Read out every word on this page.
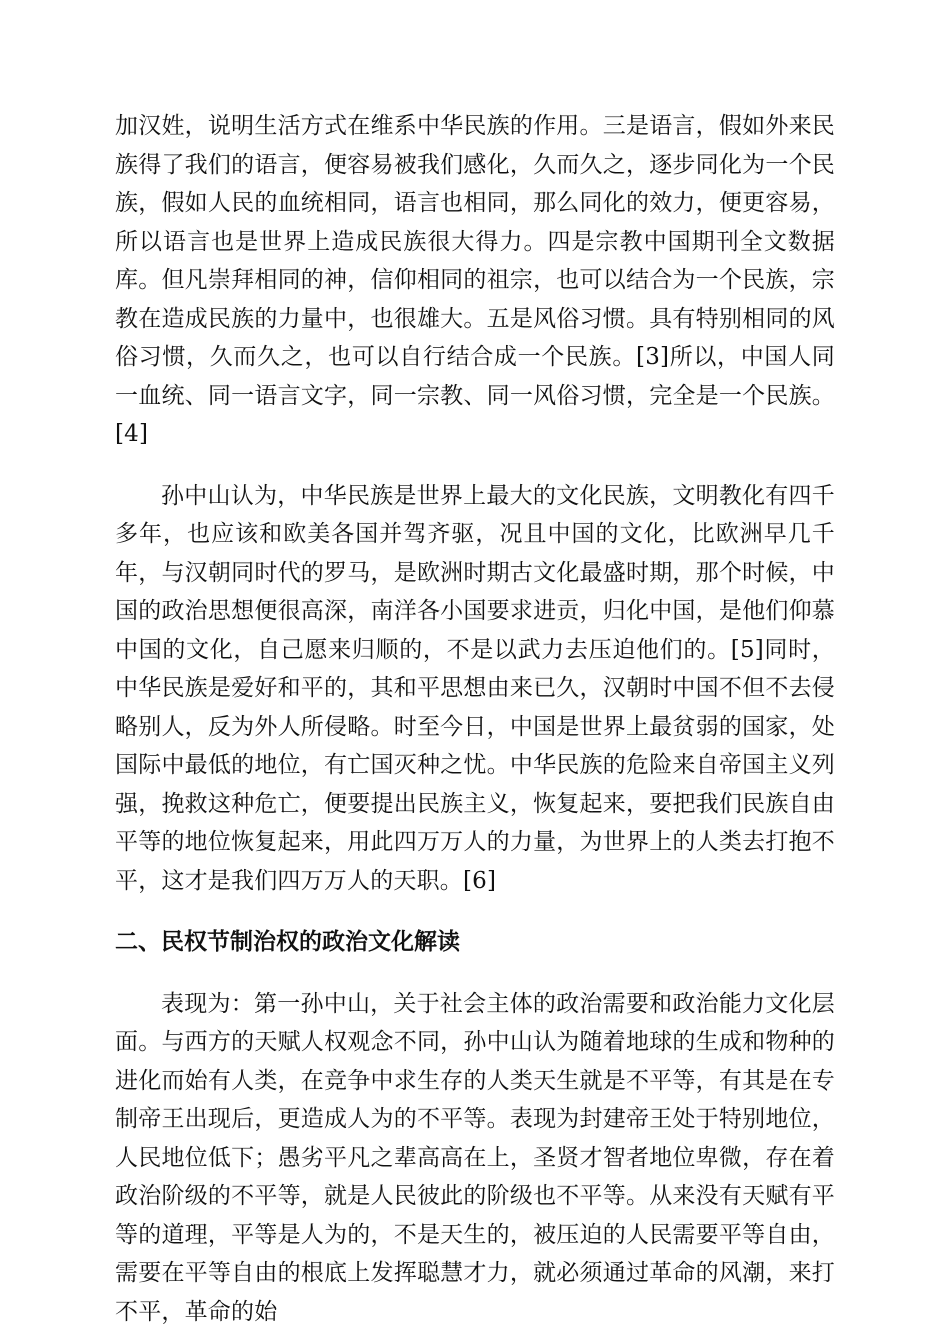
加汉姓，说明生活方式在维系中华民族的作用。三是语言，假如外来民族得了我们的语言，便容易被我们感化，久而久之，逐步同化为一个民族，假如人民的血统相同，语言也相同，那么同化的效力，便更容易，所以语言也是世界上造成民族很大得力。四是宗教中国期刊全文数据库。但凡崇拜相同的神，信仰相同的祖宗，也可以结合为一个民族，宗教在造成民族的力量中，也很雄大。五是风俗习惯。具有特别相同的风俗习惯，久而久之，也可以自行结合成一个民族。[3]所以，中国人同一血统、同一语言文字，同一宗教、同一风俗习惯，完全是一个民族。[4]

孙中山认为，中华民族是世界上最大的文化民族，文明教化有四千多年，也应该和欧美各国并驾齐驱，况且中国的文化，比欧洲早几千年，与汉朝同时代的罗马，是欧洲时期古文化最盛时期，那个时候，中国的政治思想便很高深，南洋各小国要求进贡，归化中国，是他们仰慕中国的文化，自己愿来归顺的，不是以武力去压迫他们的。[5]同时，中华民族是爱好和平的，其和平思想由来已久，汉朝时中国不但不去侵略别人，反为外人所侵略。时至今日，中国是世界上最贫弱的国家，处国际中最低的地位，有亡国灭种之忧。中华民族的危险来自帝国主义列强，挽救这种危亡，便要提出民族主义，恢复起来，要把我们民族自由平等的地位恢复起来，用此四万万人的力量，为世界上的人类去打抱不平，这才是我们四万万人的天职。[6]

二、民权节制治权的政治文化解读

表现为：第一孙中山，关于社会主体的政治需要和政治能力文化层面。与西方的天赋人权观念不同，孙中山认为随着地球的生成和物种的进化而始有人类，在竞争中求生存的人类天生就是不平等，有其是在专制帝王出现后，更造成人为的不平等。表现为封建帝王处于特别地位，人民地位低下；愚劣平凡之辈高高在上，圣贤才智者地位卑微，存在着政治阶级的不平等，就是人民彼此的阶级也不平等。从来没有天赋有平等的道理，平等是人为的，不是天生的，被压迫的人民需要平等自由，需要在平等自由的根底上发挥聪慧才力，就必须通过革命的风潮，来打不平，革命的始
